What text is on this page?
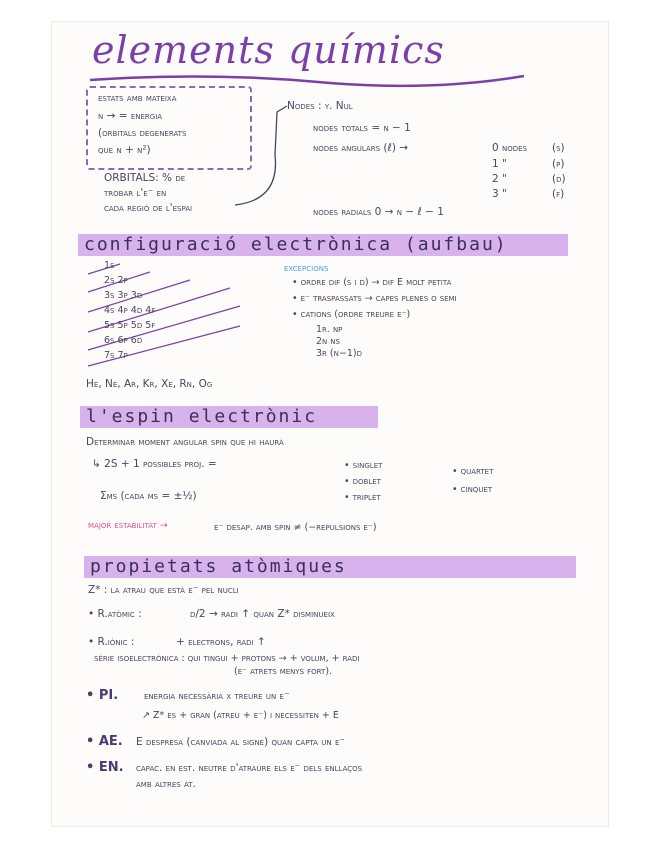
elements químics
estats amb mateixa
n → = energia
(orbitals degenerats
que n + n²)
ORBITALS: % de
trobar l'e⁻ en
cada regió de l'espai
Nodes : y. Nul
nodes totals = n − 1
nodes angulars (ℓ) →	0 nodes (s)
1 "	(p)
2 "	(d)
3 "	(f)
nodes radials 0 → n − ℓ − 1
configuració electrònica (aufbau)
1s
2s 2p
3s 3p 3d
4s 4p 4d 4f
5s 5p 5d 5f
6s 6p 6d
7s 7p
excepcions
• ordre dif (s i d) → dif E molt petita
• e⁻ traspassats → capes plenes o semi
• cations (ordre treure e⁻)
1r. np
2n ns
3r (n−1)d
He, Ne, Ar, Kr, Xe, Rn, Og
l'espin electrònic
Determinar moment angular spin que hi haurà
↳ 2S + 1 possibles proj. =	• singlet
• doblet
• triplet
• quartet
• cinquet
Σms (cada ms = ±½)
major estabilitat →	e⁻ desap. amb spin ≠ (−repulsions e⁻)
propietats atòmiques
Z* : la atrau que està e⁻ pel nucli
• R.atòmic :	d/2 → radi ↑ quan Z* disminueix
• R.iònic :	+ electrons, radi ↑
sèrie isoelectrònica : qui tingui + protons → + volum, + radi
(e⁻ atrets menys fort).
• PI. energia necessària x treure un e⁻
↗ Z* es + gran (atreu + e⁻) i necessiten + E
• AE. E despresa (canviada al signe) quan capta un e⁻
• EN. capac. en est. neutre d'atraure els e⁻ dels enllaços
amb altres at.
